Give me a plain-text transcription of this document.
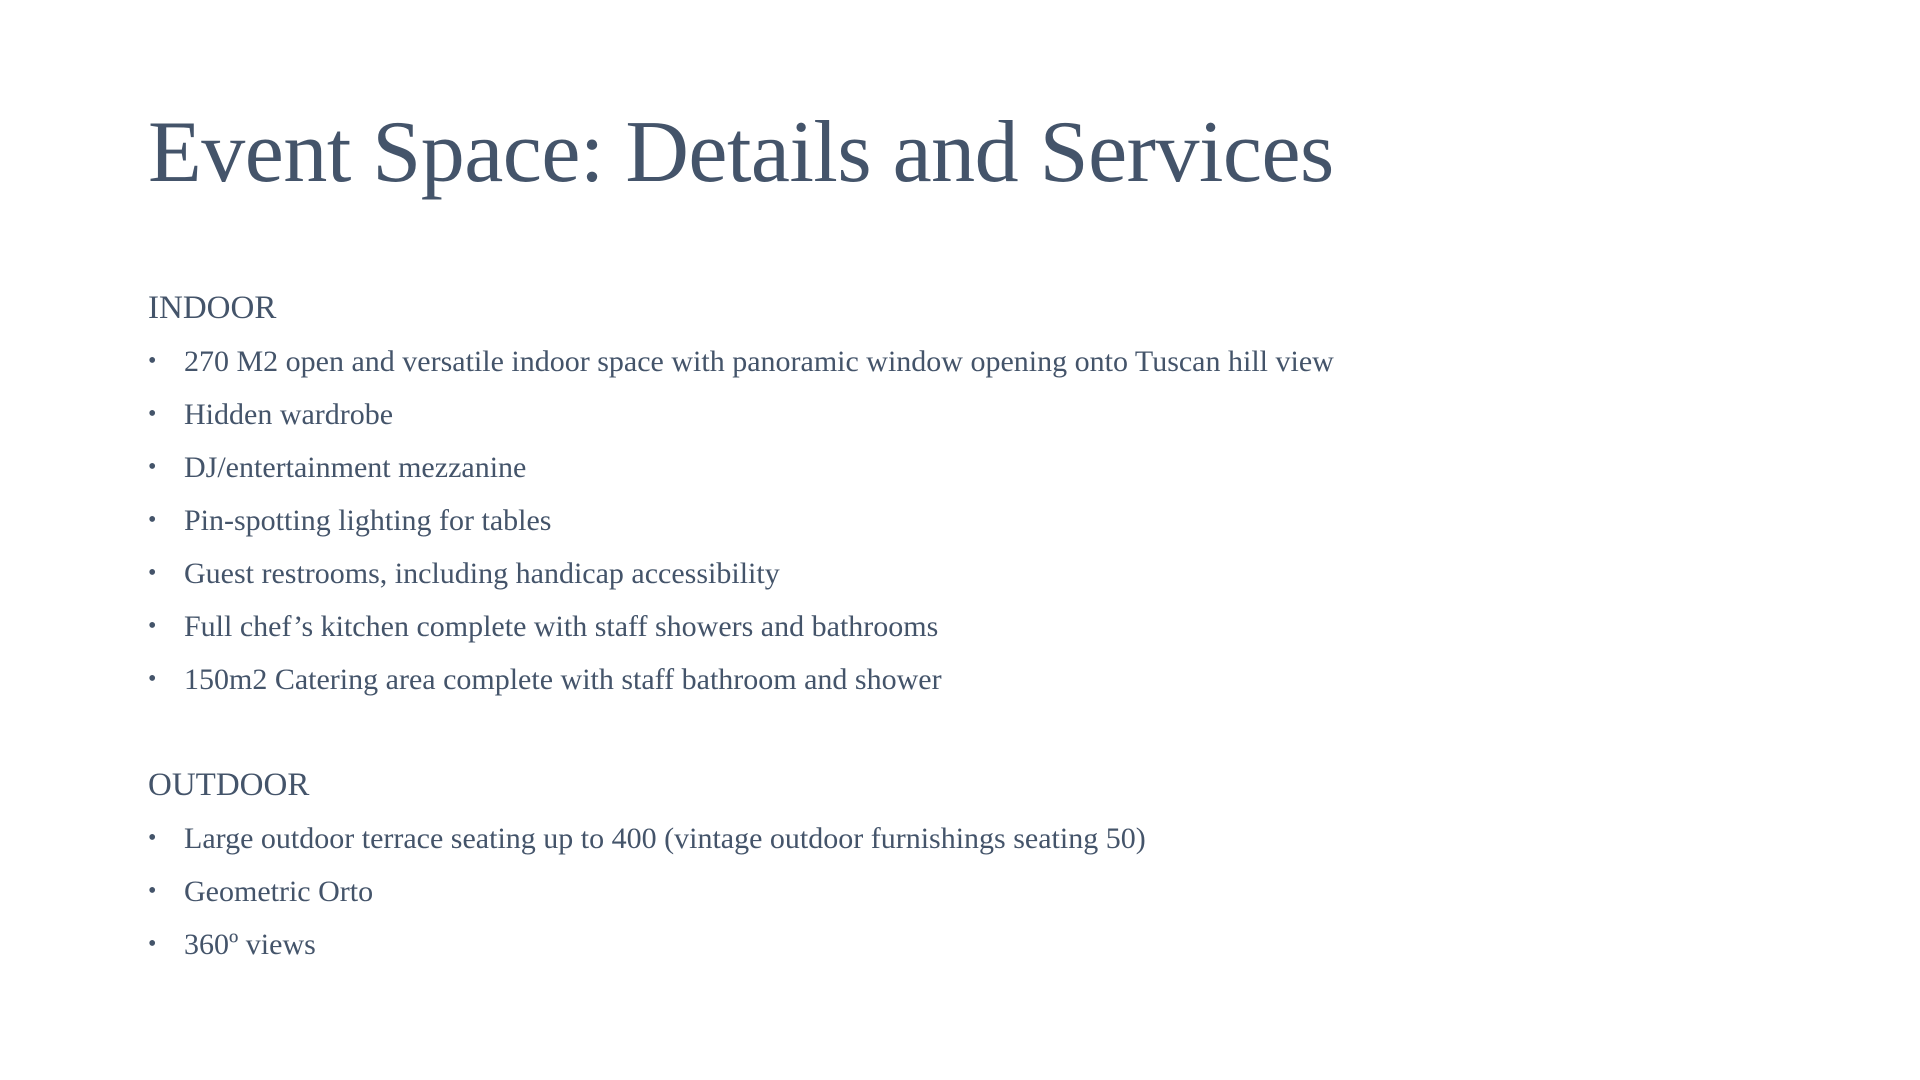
Event Space: Details and Services
INDOOR
• 270 M2 open and versatile indoor space with panoramic window opening onto Tuscan hill view
• Hidden wardrobe
• DJ/entertainment mezzanine
• Pin-spotting lighting for tables
• Guest restrooms, including handicap accessibility
• Full chef’s kitchen complete with staff showers and bathrooms
• 150m2 Catering area complete with staff bathroom and shower
OUTDOOR
• Large outdoor terrace seating up to 400 (vintage outdoor furnishings seating 50)
• Geometric Orto
• 360º views
